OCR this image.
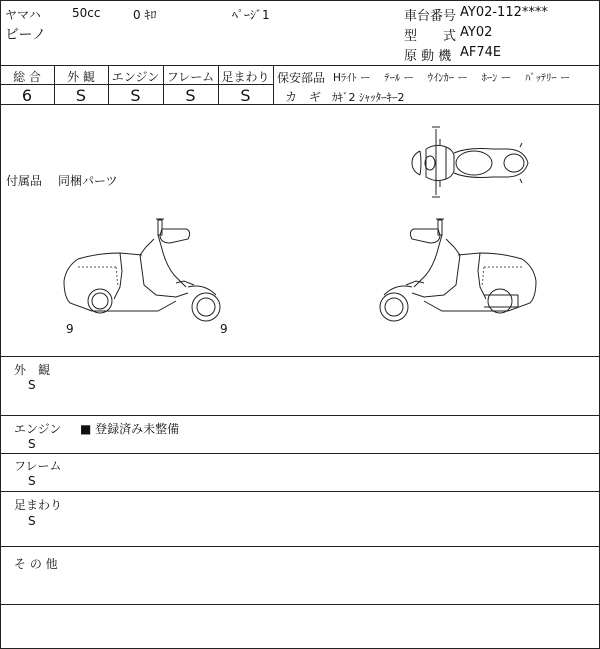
ヤマハ	50cc	0 ｷﾛ	ﾍﾟｰｼﾞ1
ビーノ
車台番号 AY02-112****
型　　式 AY02
原 動 機 AF74E
総 合	外 観	エンジン フレーム 足まわり
6	S	S	S	S
保安部品 Hﾗｲﾄ ー　 ﾃｰﾙ ー　 ｳｲﾝｶｰ ー　 ﾎｰﾝ ー　 ﾊﾞｯﾃﾘｰ ー
カ　ギ ｶｷﾞ2 ｼｬｯﾀｰｷｰ2
付属品 同梱パーツ
9	9
外　観
S
エンジン ■ 登録済み未整備
S
フレーム
S
足まわり
S
そ の 他
